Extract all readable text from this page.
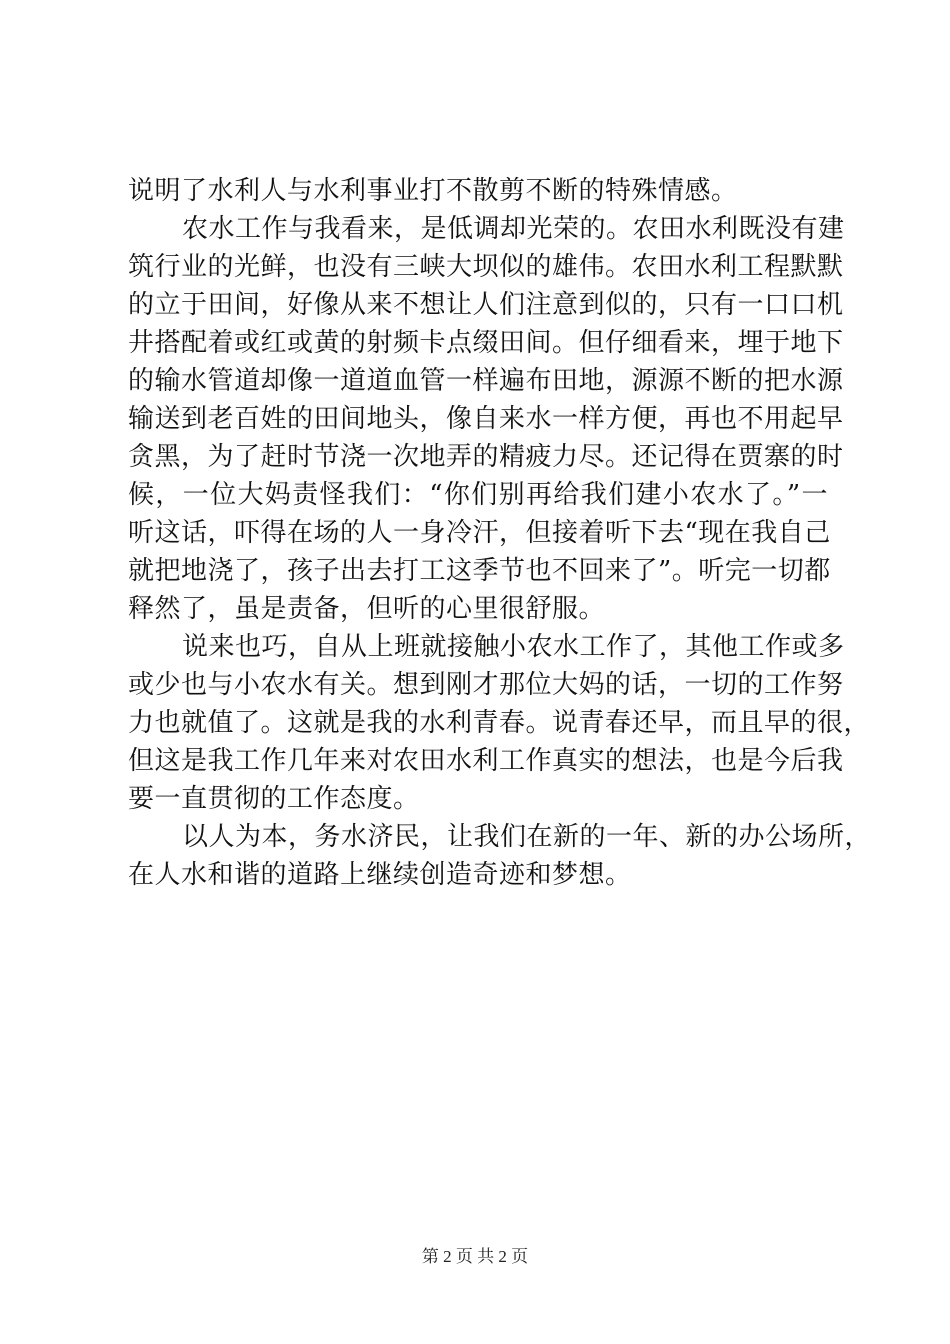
说明了水利人与水利事业打不散剪不断的特殊情感。
农水工作与我看来，是低调却光荣的。农田水利既没有建
筑行业的光鲜，也没有三峡大坝似的雄伟。农田水利工程默默
的立于田间，好像从来不想让人们注意到似的，只有一口口机
井搭配着或红或黄的射频卡点缀田间。但仔细看来，埋于地下
的输水管道却像一道道血管一样遍布田地，源源不断的把水源
输送到老百姓的田间地头，像自来水一样方便，再也不用起早
贪黑，为了赶时节浇一次地弄的精疲力尽。还记得在贾寨的时
候，一位大妈责怪我们：“你们别再给我们建小农水了。”一
听这话，吓得在场的人一身冷汗，但接着听下去“现在我自己
就把地浇了，孩子出去打工这季节也不回来了”。听完一切都
释然了，虽是责备，但听的心里很舒服。
说来也巧，自从上班就接触小农水工作了，其他工作或多
或少也与小农水有关。想到刚才那位大妈的话，一切的工作努
力也就值了。这就是我的水利青春。说青春还早，而且早的很，
但这是我工作几年来对农田水利工作真实的想法，也是今后我
要一直贯彻的工作态度。
以人为本，务水济民，让我们在新的一年、新的办公场所，
在人水和谐的道路上继续创造奇迹和梦想。
第 2 页 共 2 页
